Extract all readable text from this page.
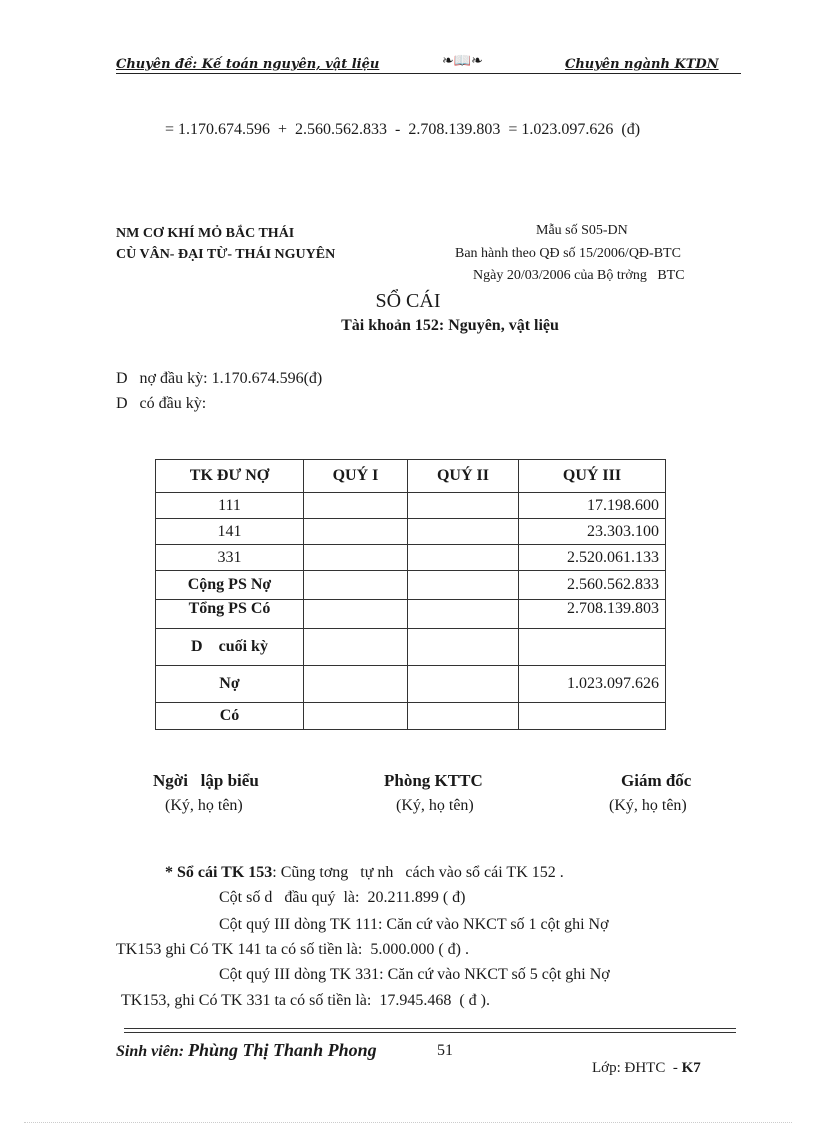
Chuyên đề: Kế toán nguyên, vật liệu	❧📖❧	Chuyên ngành KTDN
= 1.170.674.596  +  2.560.562.833  -  2.708.139.803  = 1.023.097.626  (đ)
NM CƠ KHÍ MỎ BẮC THÁI
CÙ VÂN- ĐẠI TỪ- THÁI NGUYÊN
Mẫu số S05-DN
Ban hành theo QĐ số 15/2006/QĐ-BTC
Ngày 20/03/2006 của Bộ trởng   BTC
SỔ CÁI
Tài khoản 152: Nguyên, vật liệu
D   nợ đầu kỳ: 1.170.674.596(đ)
D   có đầu kỳ:
TK ĐƯ NỢ	QUÝ I	QUÝ II	QUÝ III
111			17.198.600
141			23.303.100
331			2.520.061.133
Cộng PS Nợ			2.560.562.833
Tổng PS Có			2.708.139.803
D    cuối kỳ			
Nợ			1.023.097.626
Có			
Ngời   lập biểu
(Ký, họ tên)
Phòng KTTC
(Ký, họ tên)
Giám đốc
(Ký, họ tên)
* Sổ cái TK 153: Cũng tơng   tự nh   cách vào sổ cái TK 152 .
Cột số d   đầu quý  là:  20.211.899 ( đ)
Cột quý III dòng TK 111: Căn cứ vào NKCT số 1 cột ghi Nợ
TK153 ghi Có TK 141 ta có số tiền là:  5.000.000 ( đ) .
Cột quý III dòng TK 331: Căn cứ vào NKCT số 5 cột ghi Nợ
TK153, ghi Có TK 331 ta có số tiền là:  17.945.468  ( đ ).
Sinh viên: Phùng Thị Thanh Phong	51
Lớp: ĐHTC  - K7
